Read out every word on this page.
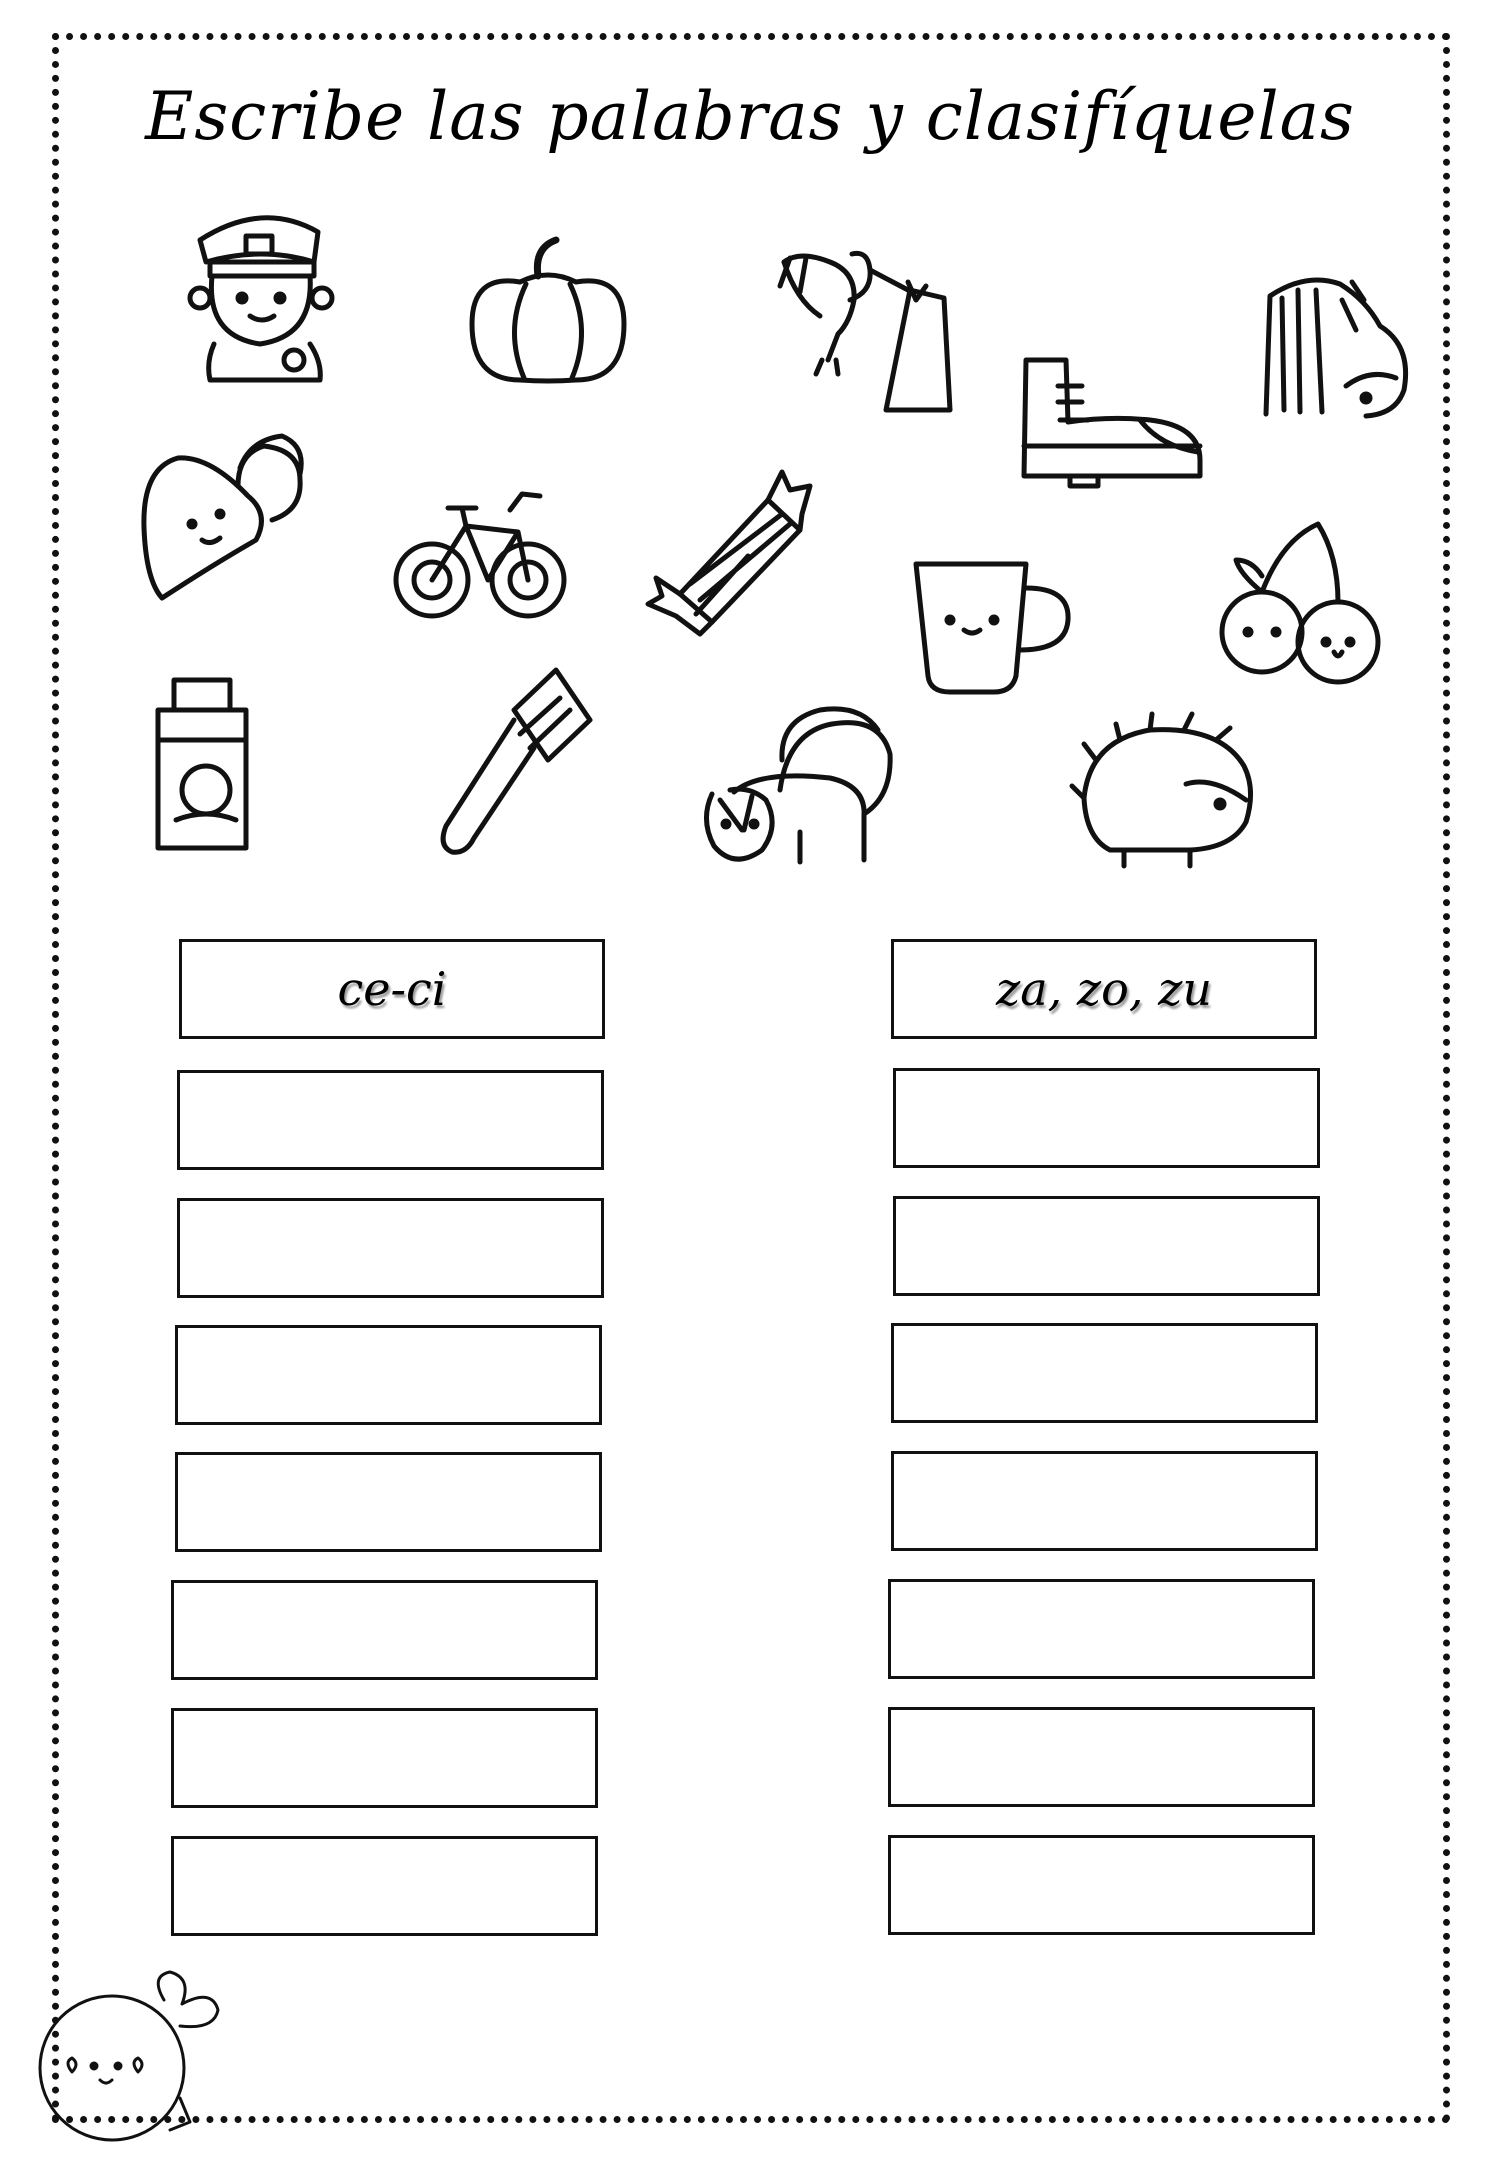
Escribe las palabras y clasifíquelas
ce-ci	za, zo, zu
